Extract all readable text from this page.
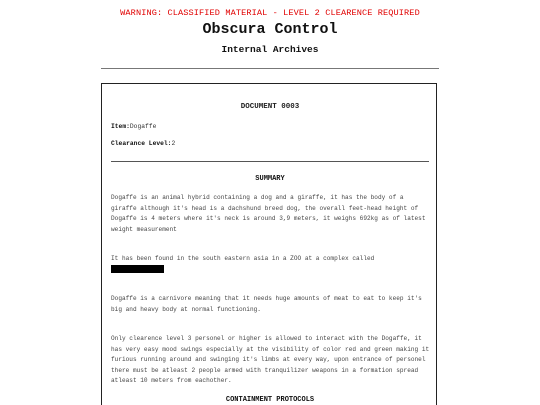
WARNING: CLASSIFIED MATERIAL - LEVEL 2 CLEARENCE REQUIRED
Obscura Control
Internal Archives
DOCUMENT 0003
Item:Dogaffe
Clearance Level:2
SUMMARY
Dogaffe is an animal hybrid containing a dog and a giraffe, it has the body of a giraffe although it's head is a dachshund breed dog, the overall feet-head height of Dogaffe is 4 meters where it's neck is around 3,9 meters, it weighs 692kg as of latest weight measurement
It has been found in the south eastern asia in a ZOO at a complex called
Dogaffe is a carnivore meaning that it needs huge amounts of meat to eat to keep it's big and heavy body at normal functioning.
Only clearence level 3 personel or higher is allowed to interact with the Dogaffe, it has very easy mood swings especially at the visibility of color red and green making it furious running around and swinging it's limbs at every way, upon entrance of personel there must be atleast 2 people armed with tranquilizer weapons in a formation spread atleast 10 meters from eachother.
CONTAINMENT PROTOCOLS
